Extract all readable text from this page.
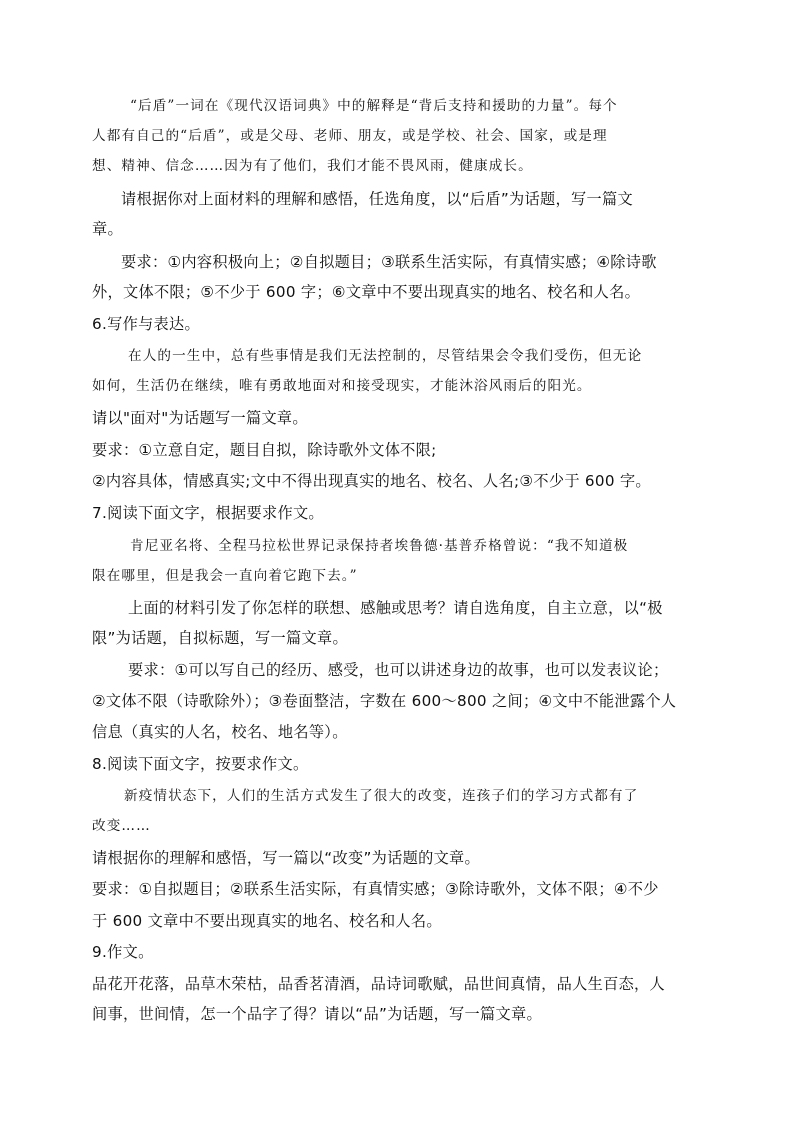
“后盾”一词在《现代汉语词典》中的解释是“背后支持和援助的力量”。每个
人都有自己的“后盾”，或是父母、老师、朋友，或是学校、社会、国家，或是理
想、精神、信念……因为有了他们，我们才能不畏风雨，健康成长。
请根据你对上面材料的理解和感悟，任选角度，以“后盾”为话题，写一篇文
章。
要求：①内容积极向上；②自拟题目；③联系生活实际，有真情实感；④除诗歌
外，文体不限；⑤不少于 600 字；⑥文章中不要出现真实的地名、校名和人名。
6.写作与表达。
在人的一生中，总有些事情是我们无法控制的，尽管结果会令我们受伤，但无论
如何，生活仍在继续，唯有勇敢地面对和接受现实，才能沐浴风雨后的阳光。
请以"面对"为话题写一篇文章。
要求：①立意自定，题目自拟，除诗歌外文体不限;
②内容具体，情感真实;文中不得出现真实的地名、校名、人名;③不少于 600 字。
7.阅读下面文字，根据要求作文。
肯尼亚名将、全程马拉松世界记录保持者埃鲁德·基普乔格曾说：“我不知道极
限在哪里，但是我会一直向着它跑下去。”
上面的材料引发了你怎样的联想、感触或思考？请自选角度，自主立意，以“极
限”为话题，自拟标题，写一篇文章。
要求：①可以写自己的经历、感受，也可以讲述身边的故事，也可以发表议论；
②文体不限（诗歌除外）；③卷面整洁，字数在 600～800 之间；④文中不能泄露个人
信息（真实的人名，校名、地名等）。
8.阅读下面文字，按要求作文。
新疫情状态下，人们的生活方式发生了很大的改变，连孩子们的学习方式都有了
改变……
请根据你的理解和感悟，写一篇以“改变”为话题的文章。
要求：①自拟题目；②联系生活实际，有真情实感；③除诗歌外，文体不限；④不少
于 600 文章中不要出现真实的地名、校名和人名。
9.作文。
品花开花落，品草木荣枯，品香茗清酒，品诗词歌赋，品世间真情，品人生百态，人
间事，世间情，怎一个品字了得？请以“品”为话题，写一篇文章。
